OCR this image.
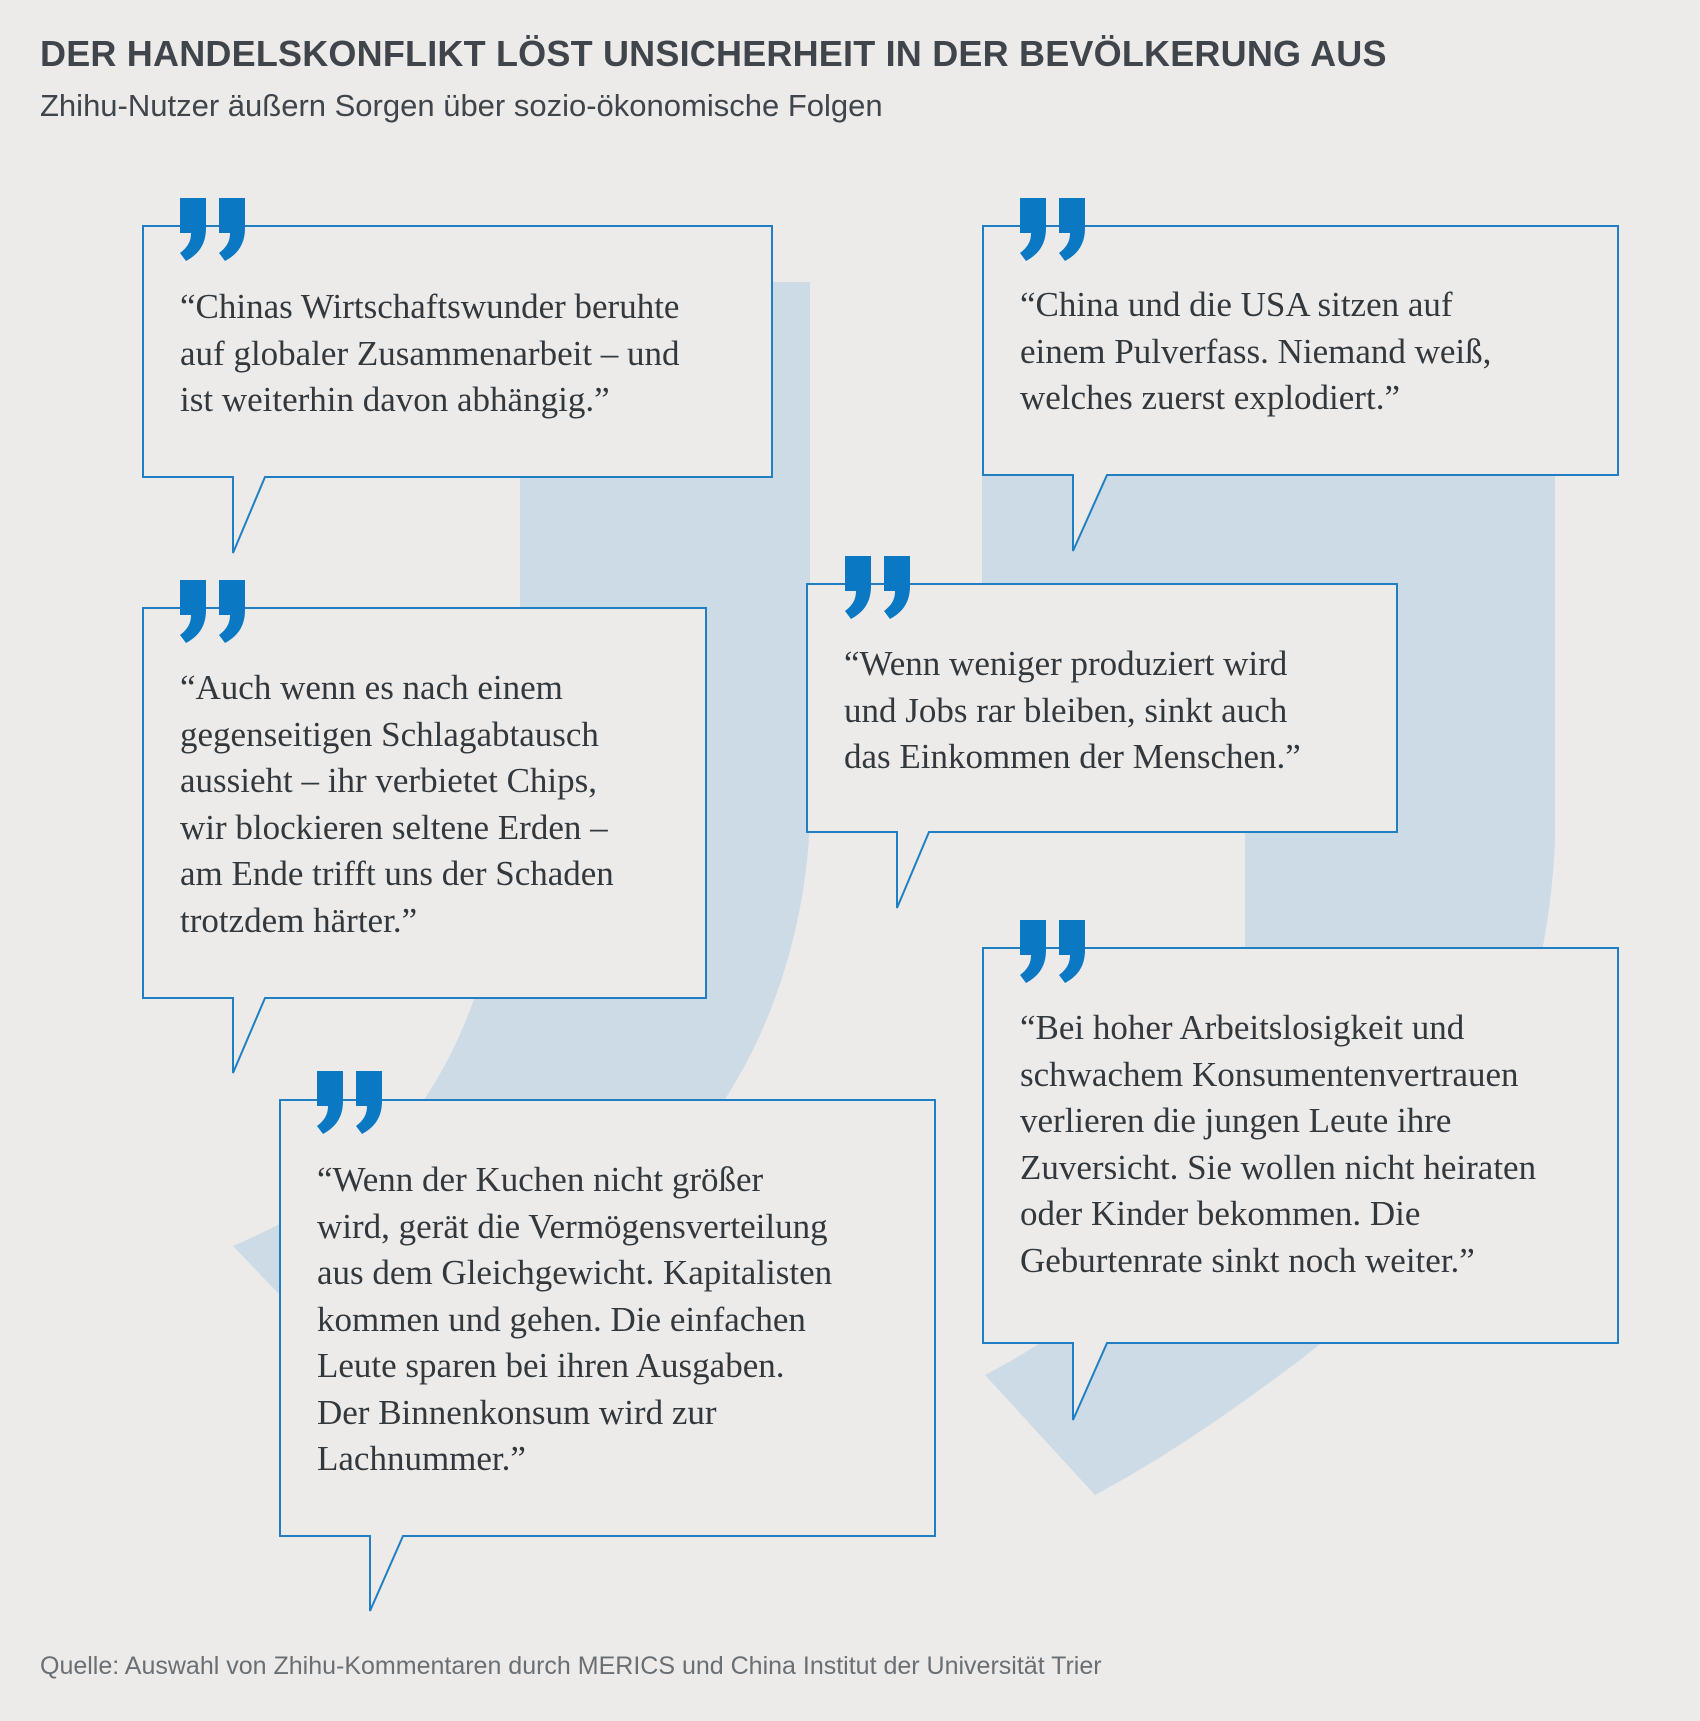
DER HANDELSKONFLIKT LÖST UNSICHERHEIT IN DER BEVÖLKERUNG AUS

Zhihu-Nutzer äußern Sorgen über sozio-ökonomische Folgen

“Chinas Wirtschaftswunder beruhte
auf globaler Zusammenarbeit – und
ist weiterhin davon abhängig.”

“China und die USA sitzen auf
einem Pulverfass. Niemand weiß,
welches zuerst explodiert.”

“Auch wenn es nach einem
gegenseitigen Schlagabtausch
aussieht – ihr verbietet Chips,
wir blockieren seltene Erden –
am Ende trifft uns der Schaden
trotzdem härter.”

“Wenn weniger produziert wird
und Jobs rar bleiben, sinkt auch
das Einkommen der Menschen.”

“Bei hoher Arbeitslosigkeit und
schwachem Konsumentenvertrauen
verlieren die jungen Leute ihre
Zuversicht. Sie wollen nicht heiraten
oder Kinder bekommen. Die
Geburtenrate sinkt noch weiter.”

“Wenn der Kuchen nicht größer
wird, gerät die Vermögensverteilung
aus dem Gleichgewicht. Kapitalisten
kommen und gehen. Die einfachen
Leute sparen bei ihren Ausgaben.
Der Binnenkonsum wird zur
Lachnummer.”

Quelle: Auswahl von Zhihu-Kommentaren durch MERICS und China Institut der Universität Trier
